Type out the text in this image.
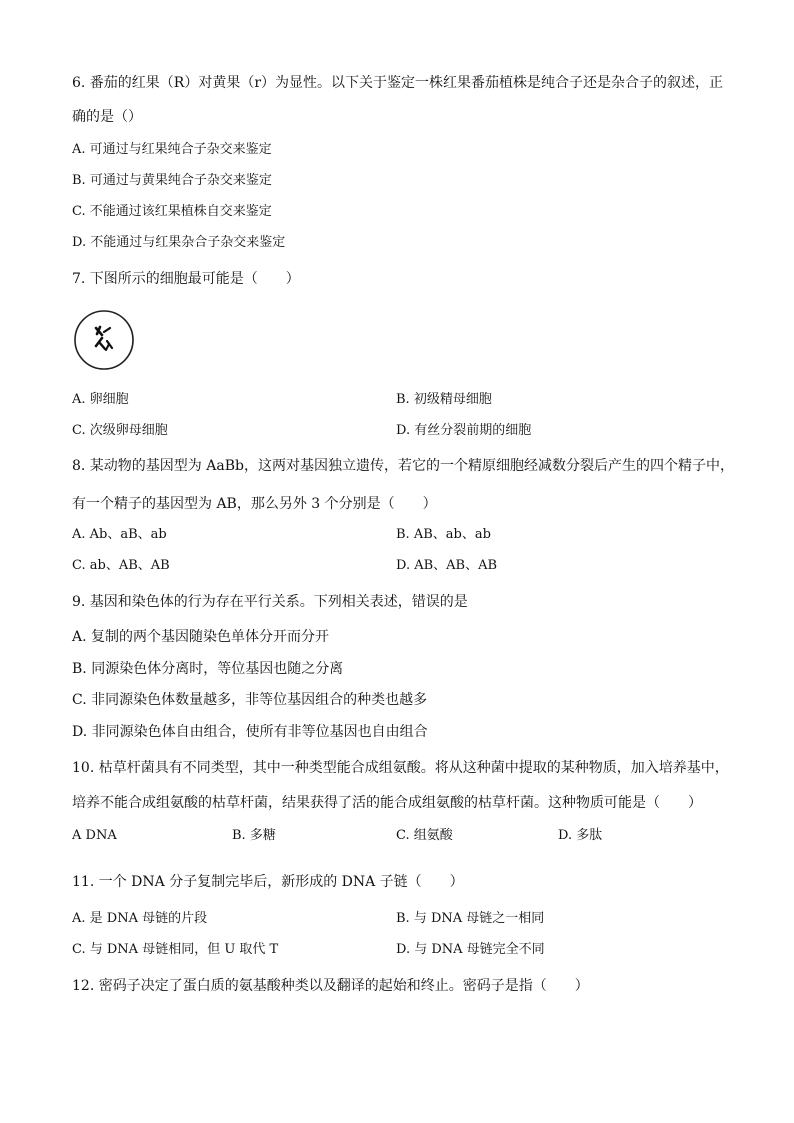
6. 番茄的红果（R）对黄果（r）为显性。以下关于鉴定一株红果番茄植株是纯合子还是杂合子的叙述，正
确的是（）
A. 可通过与红果纯合子杂交来鉴定
B. 可通过与黄果纯合子杂交来鉴定
C. 不能通过该红果植株自交来鉴定
D. 不能通过与红果杂合子杂交来鉴定
7. 下图所示的细胞最可能是（　　）
A. 卵细胞	B. 初级精母细胞
C. 次级卵母细胞	D. 有丝分裂前期的细胞
8. 某动物的基因型为 AaBb，这两对基因独立遗传，若它的一个精原细胞经减数分裂后产生的四个精子中，
有一个精子的基因型为 AB，那么另外 3 个分别是（　　）
A. Ab、aB、ab	B. AB、ab、ab
C. ab、AB、AB	D. AB、AB、AB
9. 基因和染色体的行为存在平行关系。下列相关表述，错误的是
A. 复制的两个基因随染色单体分开而分开
B. 同源染色体分离时，等位基因也随之分离
C. 非同源染色体数量越多，非等位基因组合的种类也越多
D. 非同源染色体自由组合，使所有非等位基因也自由组合
10. 枯草杆菌具有不同类型，其中一种类型能合成组氨酸。将从这种菌中提取的某种物质，加入培养基中，
培养不能合成组氨酸的枯草杆菌，结果获得了活的能合成组氨酸的枯草杆菌。这种物质可能是（　　）
A DNA	B. 多糖	C. 组氨酸	D. 多肽
11. 一个 DNA 分子复制完毕后，新形成的 DNA 子链（　　）
A. 是 DNA 母链的片段	B. 与 DNA 母链之一相同
C. 与 DNA 母链相同，但 U 取代 T	D. 与 DNA 母链完全不同
12. 密码子决定了蛋白质的氨基酸种类以及翻译的起始和终止。密码子是指（　　）
